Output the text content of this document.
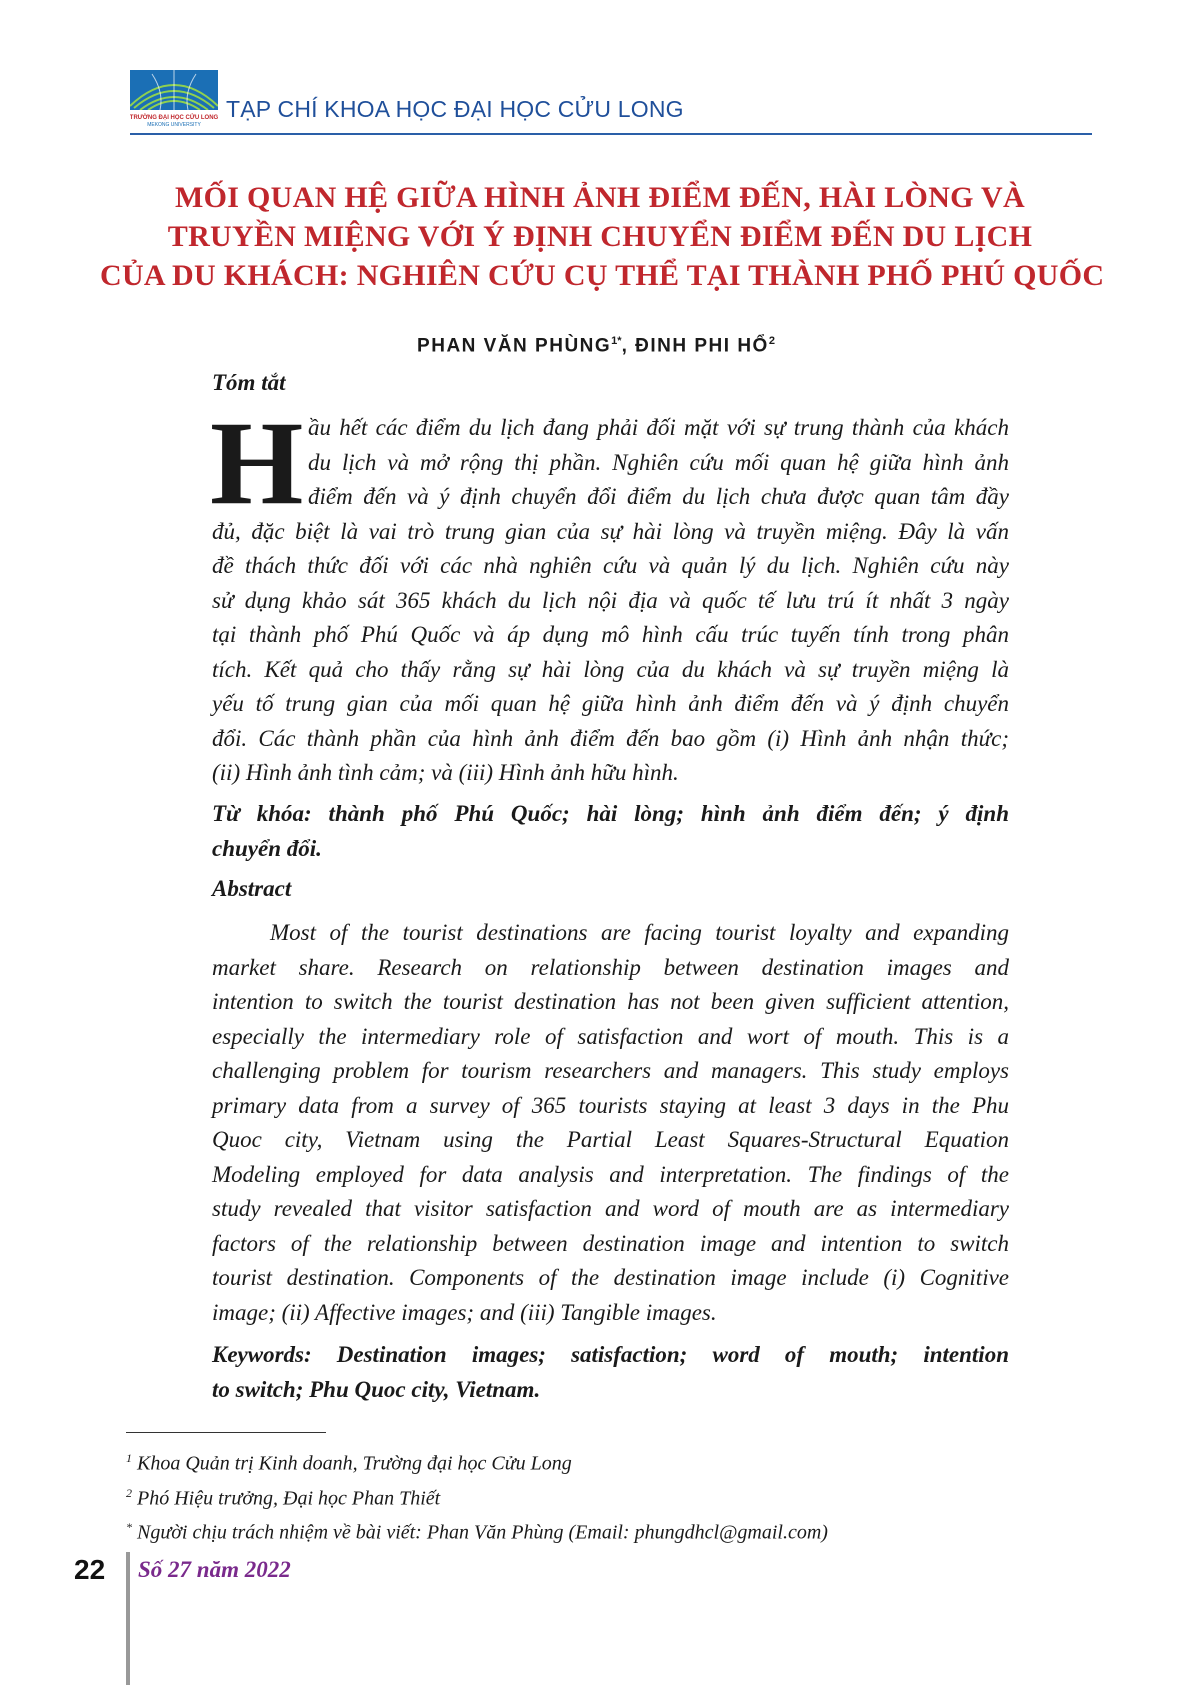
TRƯỜNG ĐẠI HỌC CỬU LONG
MEKONG UNIVERSITY
TẠP CHÍ KHOA HỌC ĐẠI HỌC CỬU LONG
MỐI QUAN HỆ GIỮA HÌNH ẢNH ĐIỂM ĐẾN, HÀI LÒNG VÀ
TRUYỀN MIỆNG VỚI Ý ĐỊNH CHUYỂN ĐIỂM ĐẾN DU LỊCH
CỦA DU KHÁCH: NGHIÊN CỨU CỤ THỂ TẠI THÀNH PHỐ PHÚ QUỐC
PHAN VĂN $PHÙNG^{1*}$, ĐINH PHI HỔ$^2$
Tóm tắt
H ầu hết các điểm du lịch đang phải đối mặt với sự trung thành của khách
du lịch và mở rộng thị phần. Nghiên cứu mối quan hệ giữa hình ảnh
điểm đến và ý định chuyển đổi điểm du lịch chưa được quan tâm đầy
đủ, đặc biệt là vai trò trung gian của sự hài lòng và truyền miệng. Đây là vấn
đề thách thức đối với các nhà nghiên cứu và quản lý du lịch. Nghiên cứu này
sử dụng khảo sát 365 khách du lịch nội địa và quốc tế lưu trú ít nhất 3 ngày
tại thành phố Phú Quốc và áp dụng mô hình cấu trúc tuyến tính trong phân
tích. Kết quả cho thấy rằng sự hài lòng của du khách và sự truyền miệng là
yếu tố trung gian của mối quan hệ giữa hình ảnh điểm đến và ý định chuyển
đổi. Các thành phần của hình ảnh điểm đến bao gồm (i) Hình ảnh nhận thức;
(ii) Hình ảnh tình cảm; và (iii) Hình ảnh hữu hình.
Từ khóa: thành phố Phú Quốc; hài lòng; hình ảnh điểm đến; ý định
chuyển đổi.
Abstract
Most of the tourist destinations are facing tourist loyalty and expanding
market share. Research on relationship between destination images and
intention to switch the tourist destination has not been given sufficient attention,
especially the intermediary role of satisfaction and wort of mouth. This is a
challenging problem for tourism researchers and managers. This study employs
primary data from a survey of 365 tourists staying at least 3 days in the Phu
Quoc city, Vietnam using the Partial Least Squares-Structural Equation
Modeling employed for data analysis and interpretation. The findings of the
study revealed that visitor satisfaction and word of mouth are as intermediary
factors of the relationship between destination image and intention to switch
tourist destination. Components of the destination image include (i) Cognitive
image; (ii) Affective images; and (iii) Tangible images.
Keywords: Destination images; satisfaction; word of mouth; intention
to switch; Phu Quoc city, Vietnam.
$^1$ Khoa Quản trị Kinh doanh, Trường đại học Cửu Long
$^2$ Phó Hiệu trưởng, Đại học Phan Thiết
* Người chịu trách nhiệm về bài viết: Phan Văn Phùng (Email: phungdhcl@gmail.com)
22 Số 27 năm 2022
